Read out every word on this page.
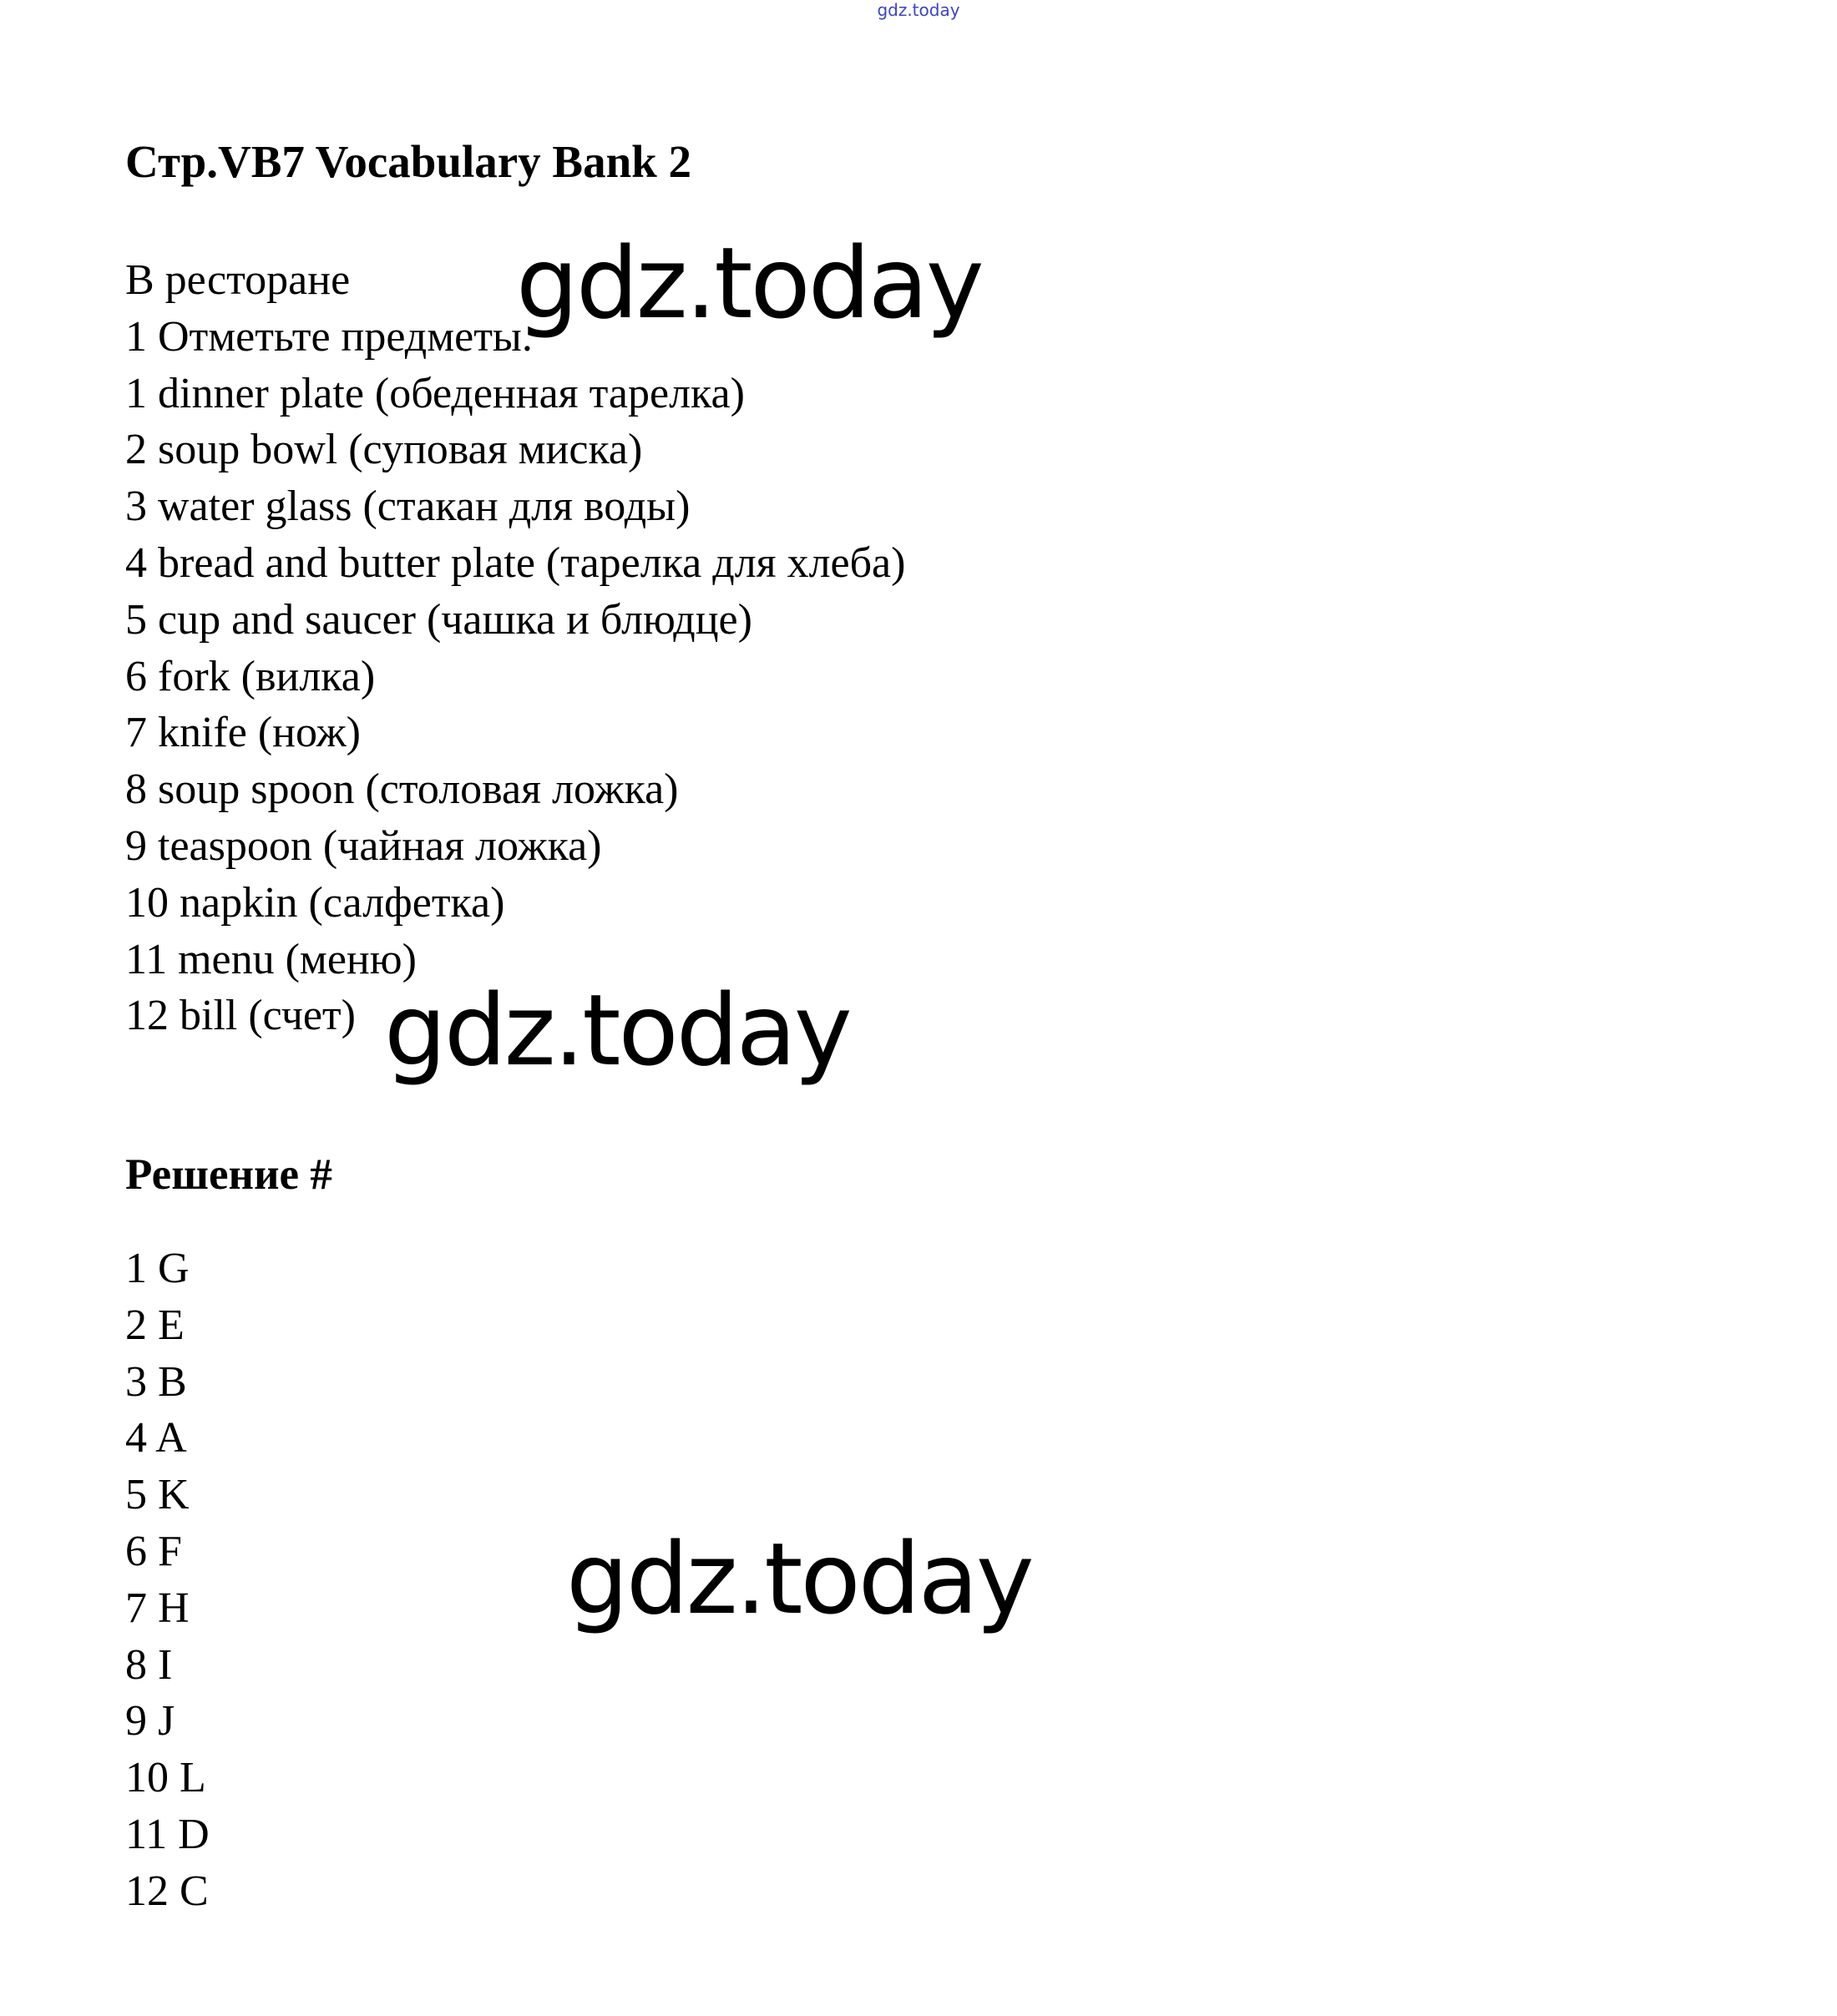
gdz.today
Стр.VB7 Vocabulary Bank 2
В ресторане
1 Отметьте предметы.
1 dinner plate (обеденная тарелка)
2 soup bowl (суповая миска)
3 water glass (стакан для воды)
4 bread and butter plate (тарелка для хлеба)
5 cup and saucer (чашка и блюдце)
6 fork (вилка)
7 knife (нож)
8 soup spoon (столовая ложка)
9 teaspoon (чайная ложка)
10 napkin (салфетка)
11 menu (меню)
12 bill (счет)
Решение #
1 G
2 E
3 B
4 A
5 K
6 F
7 H
8 I
9 J
10 L
11 D
12 C
gdz.today
gdz.today
gdz.today
